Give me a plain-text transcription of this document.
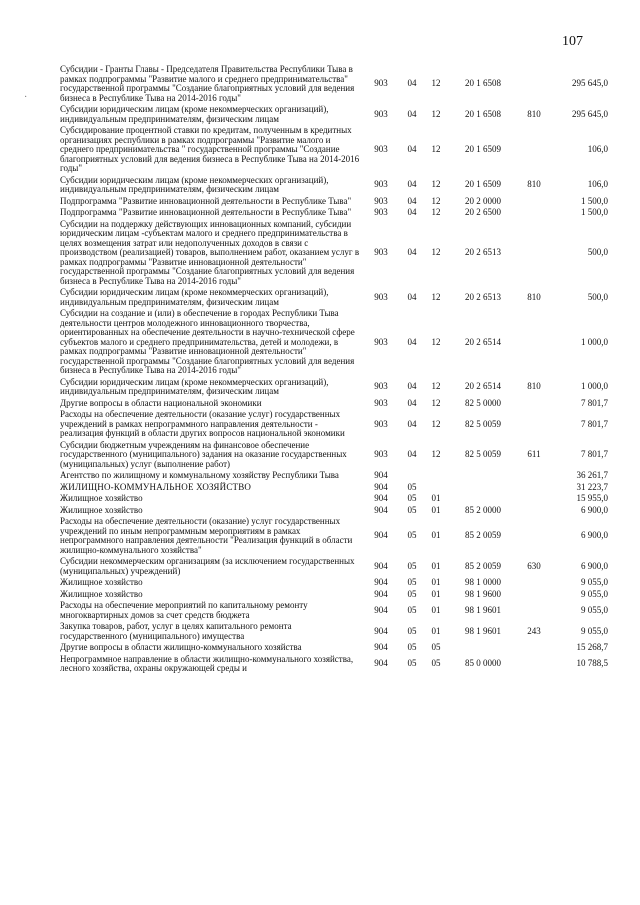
107
·
Субсидии - Гранты Главы - Председателя Правительства Республики Тыва в рамках подпрограммы "Развитие малого и среднего предпринимательства" государственной программы "Создание благоприятных условий для ведения бизнеса в Республике Тыва на 2014-2016 годы"	903	04	12	20 1 6508		295 645,0
Субсидии юридическим лицам (кроме некоммерческих организаций), индивидуальным предпринимателям, физическим лицам	903	04	12	20 1 6508	810	295 645,0
Субсидирование процентной ставки по кредитам, полученным в кредитных организациях республики в рамках подпрограммы "Развитие малого и среднего предпринимательства " государственной программы "Создание благоприятных условий для ведения бизнеса в Республике Тыва на 2014-2016 годы"	903	04	12	20 1 6509		106,0
Субсидии юридическим лицам (кроме некоммерческих организаций), индивидуальным предпринимателям, физическим лицам	903	04	12	20 1 6509	810	106,0
Подпрограмма "Развитие инновационной деятельности в Республике Тыва"	903	04	12	20 2 0000		1 500,0
Подпрограмма "Развитие инновационной деятельности в Республике Тыва"	903	04	12	20 2 6500		1 500,0
Субсидии на поддержку действующих инновационных компаний, субсидии юридическим лицам -субъектам малого и среднего предпринимательства в целях возмещения затрат или недополученных доходов в связи с производством (реализацией) товаров, выполнением работ, оказанием услуг в рамках подпрограммы "Развитие инновационной деятельности" государственной программы "Создание благоприятных условий для ведения бизнеса в Республике Тыва на 2014-2016 годы"	903	04	12	20 2 6513		500,0
Субсидии юридическим лицам (кроме некоммерческих организаций), индивидуальным предпринимателям, физическим лицам	903	04	12	20 2 6513	810	500,0
Субсидии на создание и (или) в обеспечение в городах Республики Тыва деятельности центров молодежного инновационного творчества, ориентированных на обеспечение деятельности в научно-технической сфере субъектов малого и среднего предпринимательства, детей и молодежи, в рамках подпрограммы "Развитие инновационной деятельности" государственной программы "Создание благоприятных условий для ведения бизнеса в Республике Тыва на 2014-2016 годы"	903	04	12	20 2 6514		1 000,0
Субсидии юридическим лицам (кроме некоммерческих организаций), индивидуальным предпринимателям, физическим лицам	903	04	12	20 2 6514	810	1 000,0
Другие вопросы в области национальной экономики	903	04	12	82 5 0000		7 801,7
Расходы на обеспечение деятельности (оказание услуг) государственных учреждений в рамках непрограммного направления деятельности - реализация функций в области других вопросов национальной экономики	903	04	12	82 5 0059		7 801,7
Субсидии бюджетным учреждениям на финансовое обеспечение государственного (муниципального) задания на оказание государственных (муниципальных) услуг (выполнение работ)	903	04	12	82 5 0059	611	7 801,7
Агентство по жилищному и коммунальному хозяйству Республики Тыва	904					36 261,7
ЖИЛИЩНО-КОММУНАЛЬНОЕ ХОЗЯЙСТВО	904	05				31 223,7
Жилищное хозяйство	904	05	01			15 955,0
Жилищное хозяйство	904	05	01	85 2 0000		6 900,0
Расходы на обеспечение деятельности (оказание) услуг государственных учреждений по иным непрограммным мероприятиям в рамках непрограммного направления деятельности "Реализация функций в области жилищно-коммунального хозяйства"	904	05	01	85 2 0059		6 900,0
Субсидии некоммерческим организациям (за исключением государственных (муниципальных) учреждений)	904	05	01	85 2 0059	630	6 900,0
Жилищное хозяйство	904	05	01	98 1 0000		9 055,0
Жилищное хозяйство	904	05	01	98 1 9600		9 055,0
Расходы на обеспечение мероприятий по капитальному ремонту многоквартирных домов за счет средств бюджета	904	05	01	98 1 9601		9 055,0
Закупка товаров, работ, услуг в целях капитального ремонта государственного (муниципального) имущества	904	05	01	98 1 9601	243	9 055,0
Другие вопросы в области жилищно-коммунального хозяйства	904	05	05			15 268,7
Непрограммное направление в области жилищно-коммунального хозяйства, лесного хозяйства, охраны окружающей среды и	904	05	05	85 0 0000		10 788,5
